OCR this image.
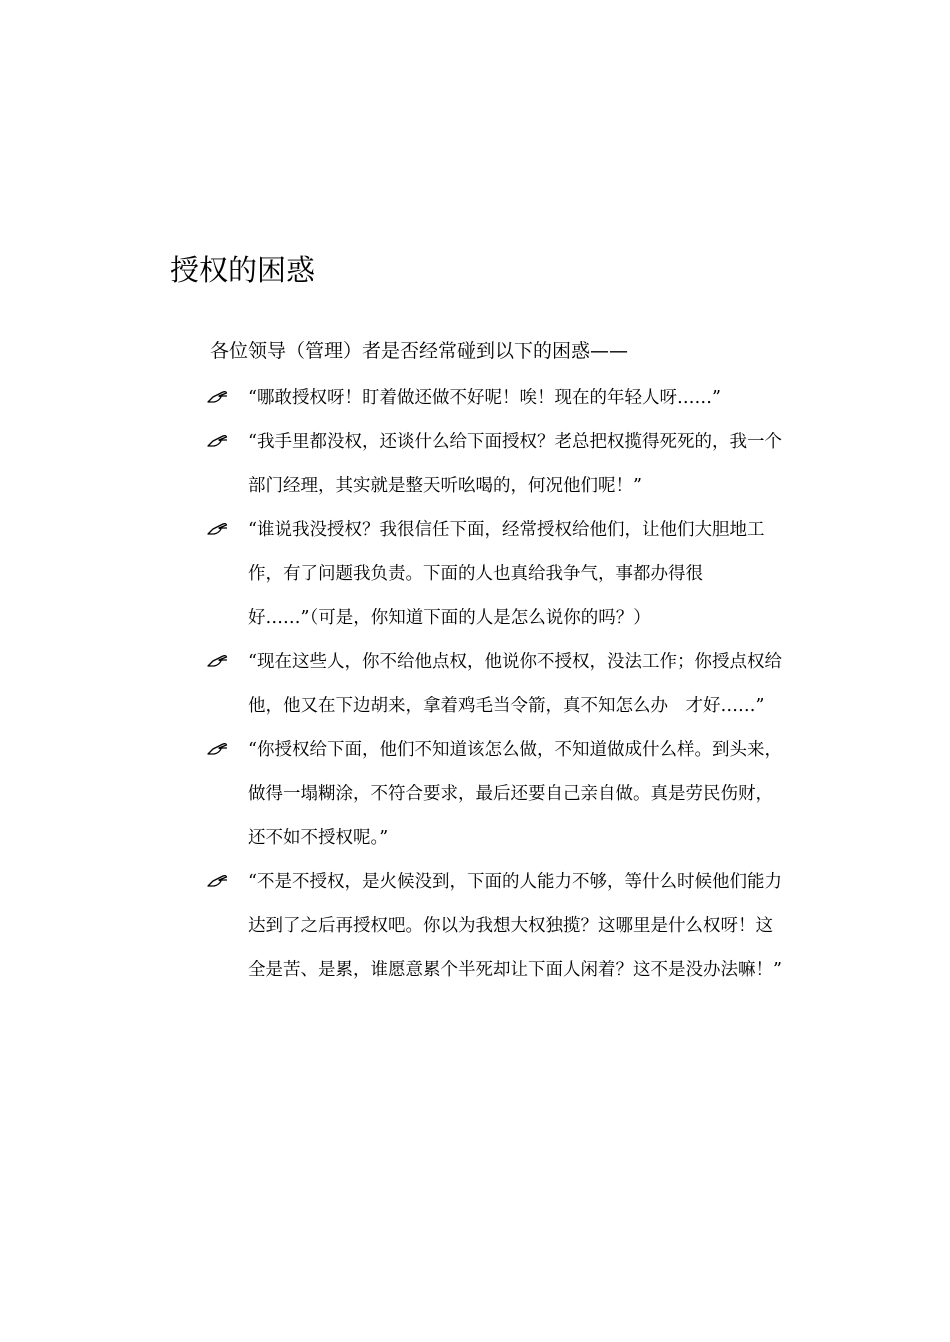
授权的困惑

各位领导（管理）者是否经常碰到以下的困惑——

“哪敢授权呀！盯着做还做不好呢！唉！现在的年轻人呀……”
“我手里都没权，还谈什么给下面授权？老总把权揽得死死的，我一个部门经理，其实就是整天听吆喝的，何况他们呢！”
“谁说我没授权？我很信任下面，经常授权给他们，让他们大胆地工作，有了问题我负责。下面的人也真给我争气，事都办得很好……”（可是，你知道下面的人是怎么说你的吗？）
“现在这些人，你不给他点权，他说你不授权，没法工作；你授点权给他，他又在下边胡来，拿着鸡毛当令箭，真不知怎么办　才好……”
“你授权给下面，他们不知道该怎么做，不知道做成什么样。到头来，做得一塌糊涂，不符合要求，最后还要自己亲自做。真是劳民伤财，还不如不授权呢。”
“不是不授权，是火候没到，下面的人能力不够，等什么时候他们能力达到了之后再授权吧。你以为我想大权独揽？这哪里是什么权呀！这全是苦、是累，谁愿意累个半死却让下面人闲着？这不是没办法嘛！”
